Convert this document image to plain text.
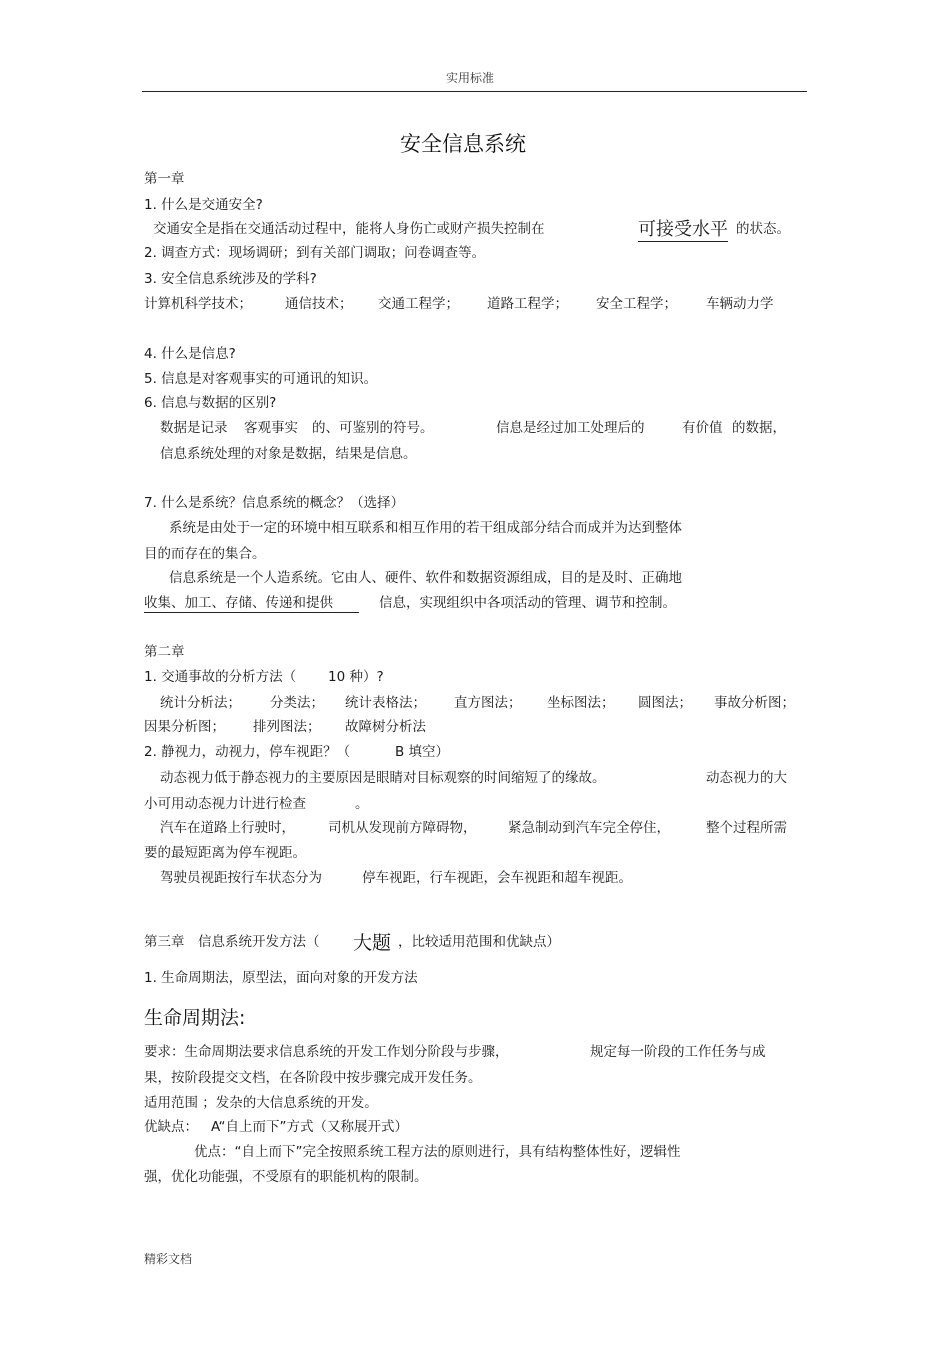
实用标准
安全信息系统
第一章
1. 什么是交通安全?
交通安全是指在交通活动过程中，能将人身伤亡或财产损失控制在	可接受水平 的状态。
2. 调查方式：现场调研；到有关部门调取；问卷调查等。
3. 安全信息系统涉及的学科?
计算机科学技术； 通信技术； 交通工程学； 道路工程学； 安全工程学； 车辆动力学
4. 什么是信息?
5. 信息是对客观事实的可通讯的知识。
6. 信息与数据的区别?
数据是记录 客观事实 的、可鉴别的符号。	信息是经过加工处理后的	有价值 的数据，
信息系统处理的对象是数据，结果是信息。
7. 什么是系统？信息系统的概念？（选择）
系统是由处于一定的环境中相互联系和相互作用的若干组成部分结合而成并为达到整体
目的而存在的集合。
信息系统是一个人造系统。它由人、硬件、软件和数据资源组成，目的是及时、正确地
收集、加工、存储、传递和提供	信息，实现组织中各项活动的管理、调节和控制。
第二章
1. 交通事故的分析方法（ 10 种）?
统计分析法； 分类法； 统计表格法； 直方图法； 坐标图法； 圆图法； 事故分析图；
因果分析图； 排列图法； 故障树分析法
2. 静视力，动视力，停车视距？（	B 填空）
动态视力低于静态视力的主要原因是眼睛对目标观察的时间缩短了的缘故。	动态视力的大
小可用动态视力计进行检查	。
汽车在道路上行驶时， 司机从发现前方障碍物， 紧急制动到汽车完全停住，	整个过程所需
要的最短距离为停车视距。
驾驶员视距按行车状态分为	停车视距，行车视距，会车视距和超车视距。
第三章　信息系统开发方法（ 大题 ，比较适用范围和优缺点）
1. 生命周期法，原型法，面向对象的开发方法
生命周期法:
要求：生命周期法要求信息系统的开发工作划分阶段与步骤，	规定每一阶段的工作任务与成
果，按阶段提交文档，在各阶段中按步骤完成开发任务。
适用范围 ；发杂的大信息系统的开发。
优缺点： A“自上而下”方式（又称展开式）
优点：“自上而下”完全按照系统工程方法的原则进行，具有结构整体性好，逻辑性
强，优化功能强，不受原有的职能机构的限制。
精彩文档
